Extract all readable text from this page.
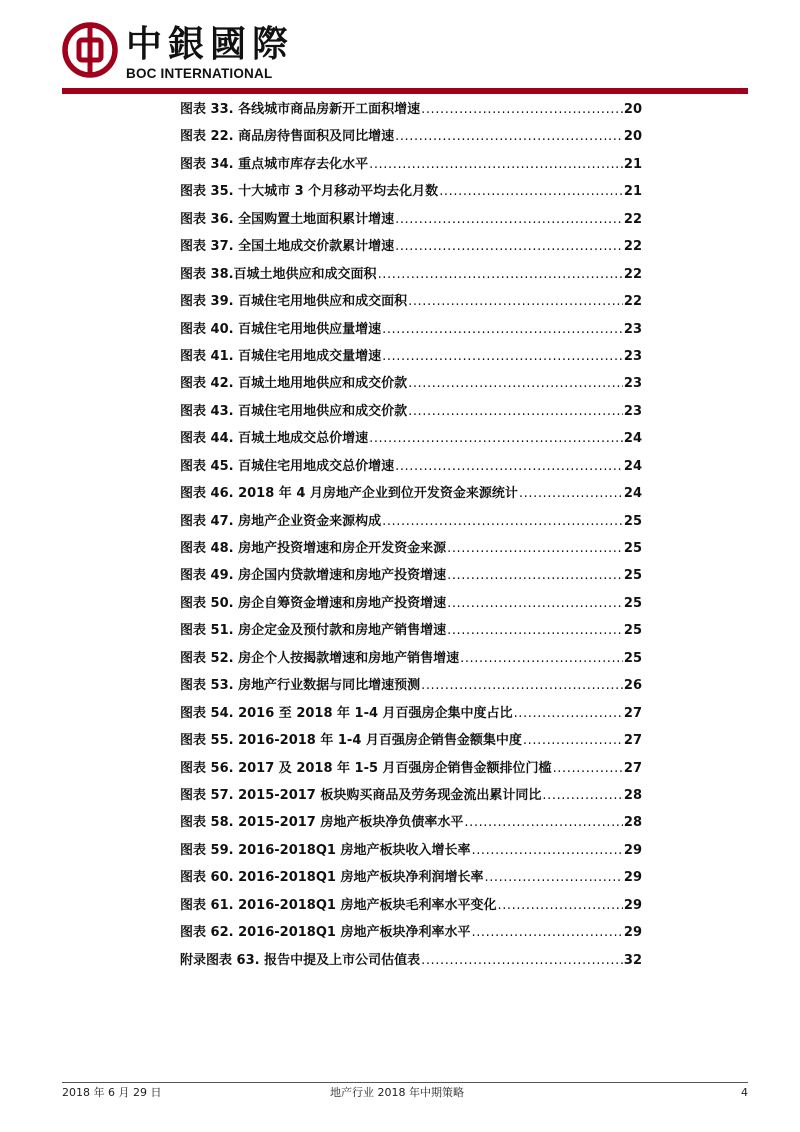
中銀國際
BOC INTERNATIONAL
图表 33. 各线城市商品房新开工面积增速 .....	20
图表 22. 商品房待售面积及同比增速 .....	20
图表 34. 重点城市库存去化水平 .....	21
图表 35. 十大城市 3 个月移动平均去化月数 .....	21
图表 36. 全国购置土地面积累计增速 .....	22
图表 37. 全国土地成交价款累计增速 .....	22
图表 38.百城土地供应和成交面积 .....	22
图表 39. 百城住宅用地供应和成交面积 .....	22
图表 40. 百城住宅用地供应量增速 .....	23
图表 41. 百城住宅用地成交量增速 .....	23
图表 42. 百城土地用地供应和成交价款 .....	23
图表 43. 百城住宅用地供应和成交价款 .....	23
图表 44. 百城土地成交总价增速 .....	24
图表 45. 百城住宅用地成交总价增速 .....	24
图表 46. 2018 年 4 月房地产企业到位开发资金来源统计 .....	24
图表 47. 房地产企业资金来源构成 .....	25
图表 48. 房地产投资增速和房企开发资金来源 .....	25
图表 49. 房企国内贷款增速和房地产投资增速 .....	25
图表 50. 房企自筹资金增速和房地产投资增速 .....	25
图表 51. 房企定金及预付款和房地产销售增速 .....	25
图表 52. 房企个人按揭款增速和房地产销售增速 .....	25
图表 53. 房地产行业数据与同比增速预测 .....	26
图表 54. 2016 至 2018 年 1-4 月百强房企集中度占比 .....	27
图表 55. 2016-2018 年 1-4 月百强房企销售金额集中度 .....	27
图表 56. 2017 及 2018 年 1-5 月百强房企销售金额排位门槛 .....	27
图表 57. 2015-2017 板块购买商品及劳务现金流出累计同比 .....	28
图表 58. 2015-2017 房地产板块净负债率水平 .....	28
图表 59. 2016-2018Q1 房地产板块收入增长率 .....	29
图表 60. 2016-2018Q1 房地产板块净利润增长率 .....	29
图表 61. 2016-2018Q1 房地产板块毛利率水平变化 .....	29
图表 62. 2016-2018Q1 房地产板块净利率水平 .....	29
附录图表 63. 报告中提及上市公司估值表 .....	32
2018 年 6 月 29 日	地产行业 2018 年中期策略	4
